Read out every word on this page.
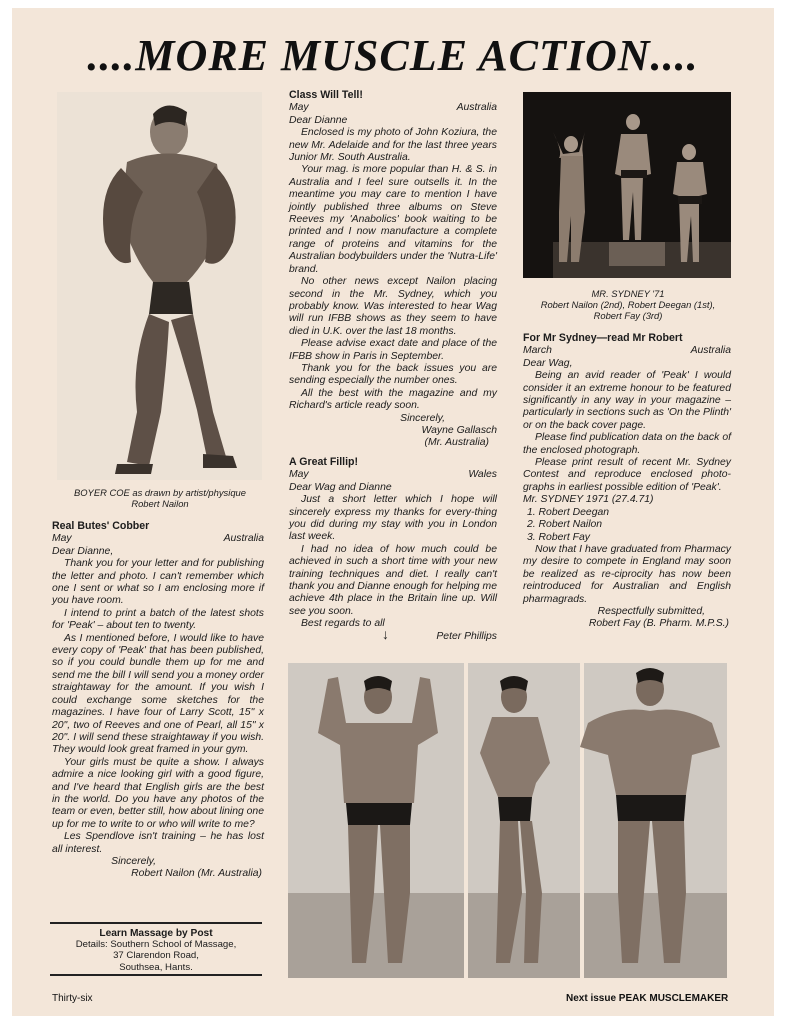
....MORE MUSCLE ACTION....
BOYER COE as drawn by artist/physique
Robert Nailon
Real Butes' Cobber
May	Australia

Dear Dianne,

Thank you for your letter and for publishing the letter and photo. I can't remember which one I sent or what so I am enclosing more if you have room.

I intend to print a batch of the latest shots for 'Peak' – about ten to twenty.

As I mentioned before, I would like to have every copy of 'Peak' that has been published, so if you could bundle them up for me and send me the bill I will send you a money order straightaway for the amount. If you wish I could exchange some sketches for the magazines. I have four of Larry Scott, 15" x 20", two of Reeves and one of Pearl, all 15" x 20". I will send these straightaway if you wish. They would look great framed in your gym.

Your girls must be quite a show. I always admire a nice looking girl with a good figure, and I've heard that English girls are the best in the world. Do you have any photos of the team or even, better still, how about lining one up for me to write to or who will write to me?

Les Spendlove isn't training – he has lost all interest.

Sincerely,

Robert Nailon (Mr. Australia)

Learn Massage by Post
Details: Southern School of Massage,
37 Clarendon Road,
Southsea, Hants.
Class Will Tell!
May	Australia

Dear Dianne

Enclosed is my photo of John Koziura, the new Mr. Adelaide and for the last three years Junior Mr. South Australia.

Your mag. is more popular than H. & S. in Australia and I feel sure outsells it. In the meantime you may care to mention I have jointly published three albums on Steve Reeves my 'Anabolics' book waiting to be printed and I now manufacture a complete range of proteins and vitamins for the Australian bodybuilders under the 'Nutra-Life' brand.

No other news except Nailon placing second in the Mr. Sydney, which you probably know. Was interested to hear Wag will run IFBB shows as they seem to have died in U.K. over the last 18 months.

Please advise exact date and place of the IFBB show in Paris in September.

Thank you for the back issues you are sending especially the number ones.

All the best with the magazine and my Richard's article ready soon.

Sincerely,

Wayne Gallasch

(Mr. Australia)

A Great Fillip!
May	Wales

Dear Wag and Dianne

Just a short letter which I hope will sincerely express my thanks for every-thing you did during my stay with you in London last week.

I had no idea of how much could be achieved in such a short time with your new training techniques and diet. I really can't thank you and Dianne enough for helping me achieve 4th place in the Britain line up. Will see you soon.

Best regards to all

Peter Phillips

↓
MR. SYDNEY '71
Robert Nailon (2nd), Robert Deegan (1st),
Robert Fay (3rd)
For Mr Sydney—read Mr Robert
March	Australia

Dear Wag,

Being an avid reader of 'Peak' I would consider it an extreme honour to be featured significantly in any way in your magazine – particularly in sections such as 'On the Plinth' or on the back cover page.

Please find publication data on the back of the enclosed photograph.

Please print result of recent Mr. Sydney Contest and reproduce enclosed photo-graphs in earliest possible edition of 'Peak'.

Mr. SYDNEY 1971 (27.4.71)

1. Robert Deegan
2. Robert Nailon
3. Robert Fay

Now that I have graduated from Pharmacy my desire to compete in England may soon be realized as re-ciprocity has now been reintroduced for Australian and English pharmagrads.

Respectfully submitted,

Robert Fay (B. Pharm. M.P.S.)

Thirty-six	Next issue PEAK MUSCLEMAKER
